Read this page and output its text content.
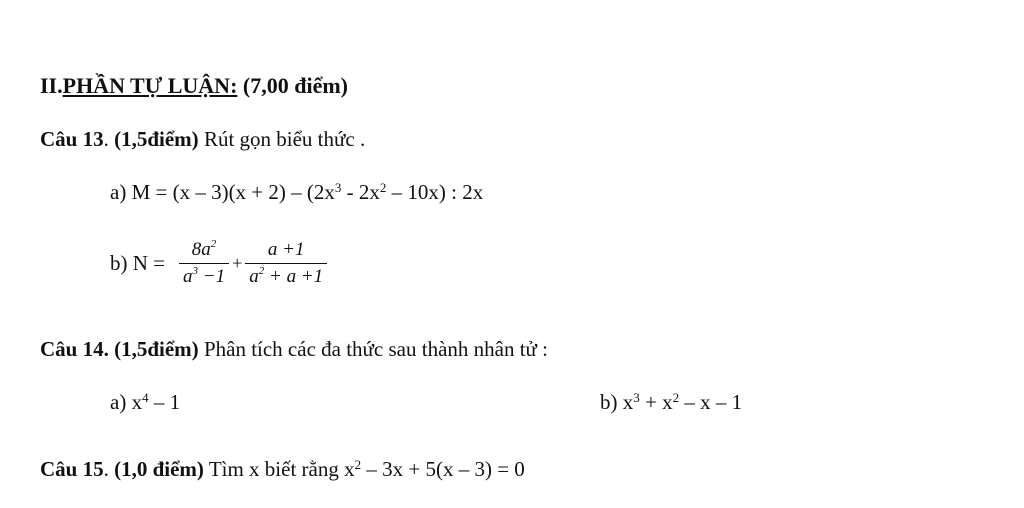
II.PHẦN TỰ LUẬN: (7,00 điểm)
Câu 13. (1,5điểm) Rút gọn biểu thức .
a) $M = (x - 3)(x + 2) - (2x^3 - 2x^2 - 10x)$ : 2x
b) $N = \frac{8a^2}{a^3 -1} + \frac{a +1}{a^2 + a +1}$
Câu 14. (1,5điểm) Phân tích các đa thức sau thành nhân tử :
a) $x^4 - 1$	b) $x^3 + x^2 - x - 1$
Câu 15. (1,0 điểm) Tìm x biết rằng $x^2 - 3x + 5(x - 3) = 0$
